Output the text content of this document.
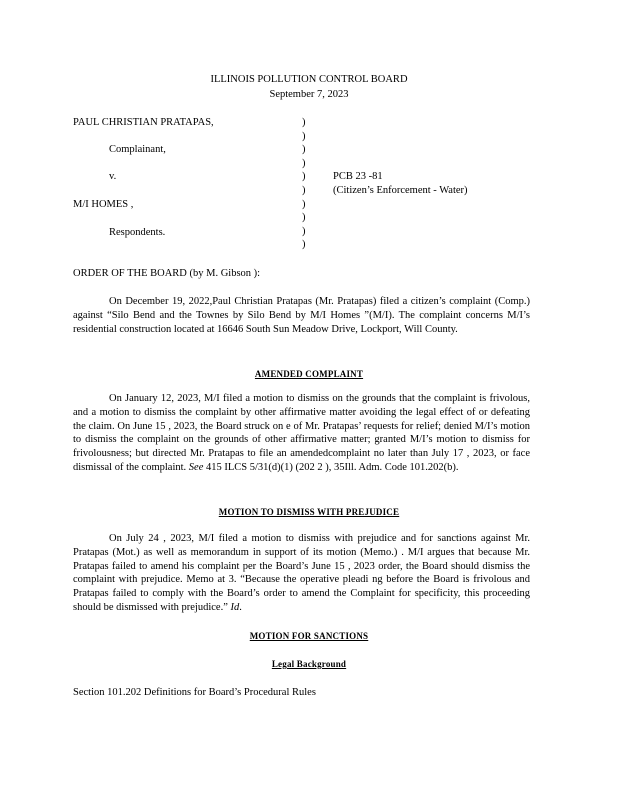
ILLINOIS POLLUTION CONTROL BOARD
September 7, 2023
PAUL CHRISTIAN PRATAPAS,
Complainant,
v.
M/I HOMES ,
Respondents.
)
)
)
)
)
)
)
)
)
)
PCB 23 -81
(Citizen’s Enforcement - Water)
ORDER OF THE BOARD (by M. Gibson ):
On December 19, 2022,Paul Christian Pratapas (Mr. Pratapas) filed a citizen’s complaint (Comp.) against “Silo Bend and the Townes by Silo Bend by M/I Homes ”(M/I). The complaint concerns M/I’s residential construction located at 16646 South Sun Meadow Drive, Lockport, Will County.
AMENDED COMPLAINT
On January 12, 2023, M/I filed a motion to dismiss on the grounds that the complaint is frivolous, and a motion to dismiss the complaint by other affirmative matter avoiding the legal effect of or defeating the claim. On June 15 , 2023, the Board struck on e of Mr. Pratapas’ requests for relief; denied M/I’s motion to dismiss the complaint on the grounds of other affirmative matter; granted M/I’s motion to dismiss for frivolousness; but directed Mr. Pratapas to file an amendedcomplaint no later than July 17 , 2023, or face dismissal of the complaint. See 415 ILCS 5/31(d)(1) (202 2 ), 35Ill. Adm. Code 101.202(b).
MOTION TO DISMISS WITH PREJUDICE
On July 24 , 2023, M/I filed a motion to dismiss with prejudice and for sanctions against Mr. Pratapas (Mot.) as well as memorandum in support of its motion (Memo.) . M/I argues that because Mr. Pratapas failed to amend his complaint per the Board’s June 15 , 2023 order, the Board should dismiss the complaint with prejudice. Memo at 3. “Because the operative pleadi ng before the Board is frivolous and Pratapas failed to comply with the Board’s order to amend the Complaint for specificity, this proceeding should be dismissed with prejudice.” Id.
MOTION FOR SANCTIONS
Legal Background
Section 101.202 Definitions for Board’s Procedural Rules
